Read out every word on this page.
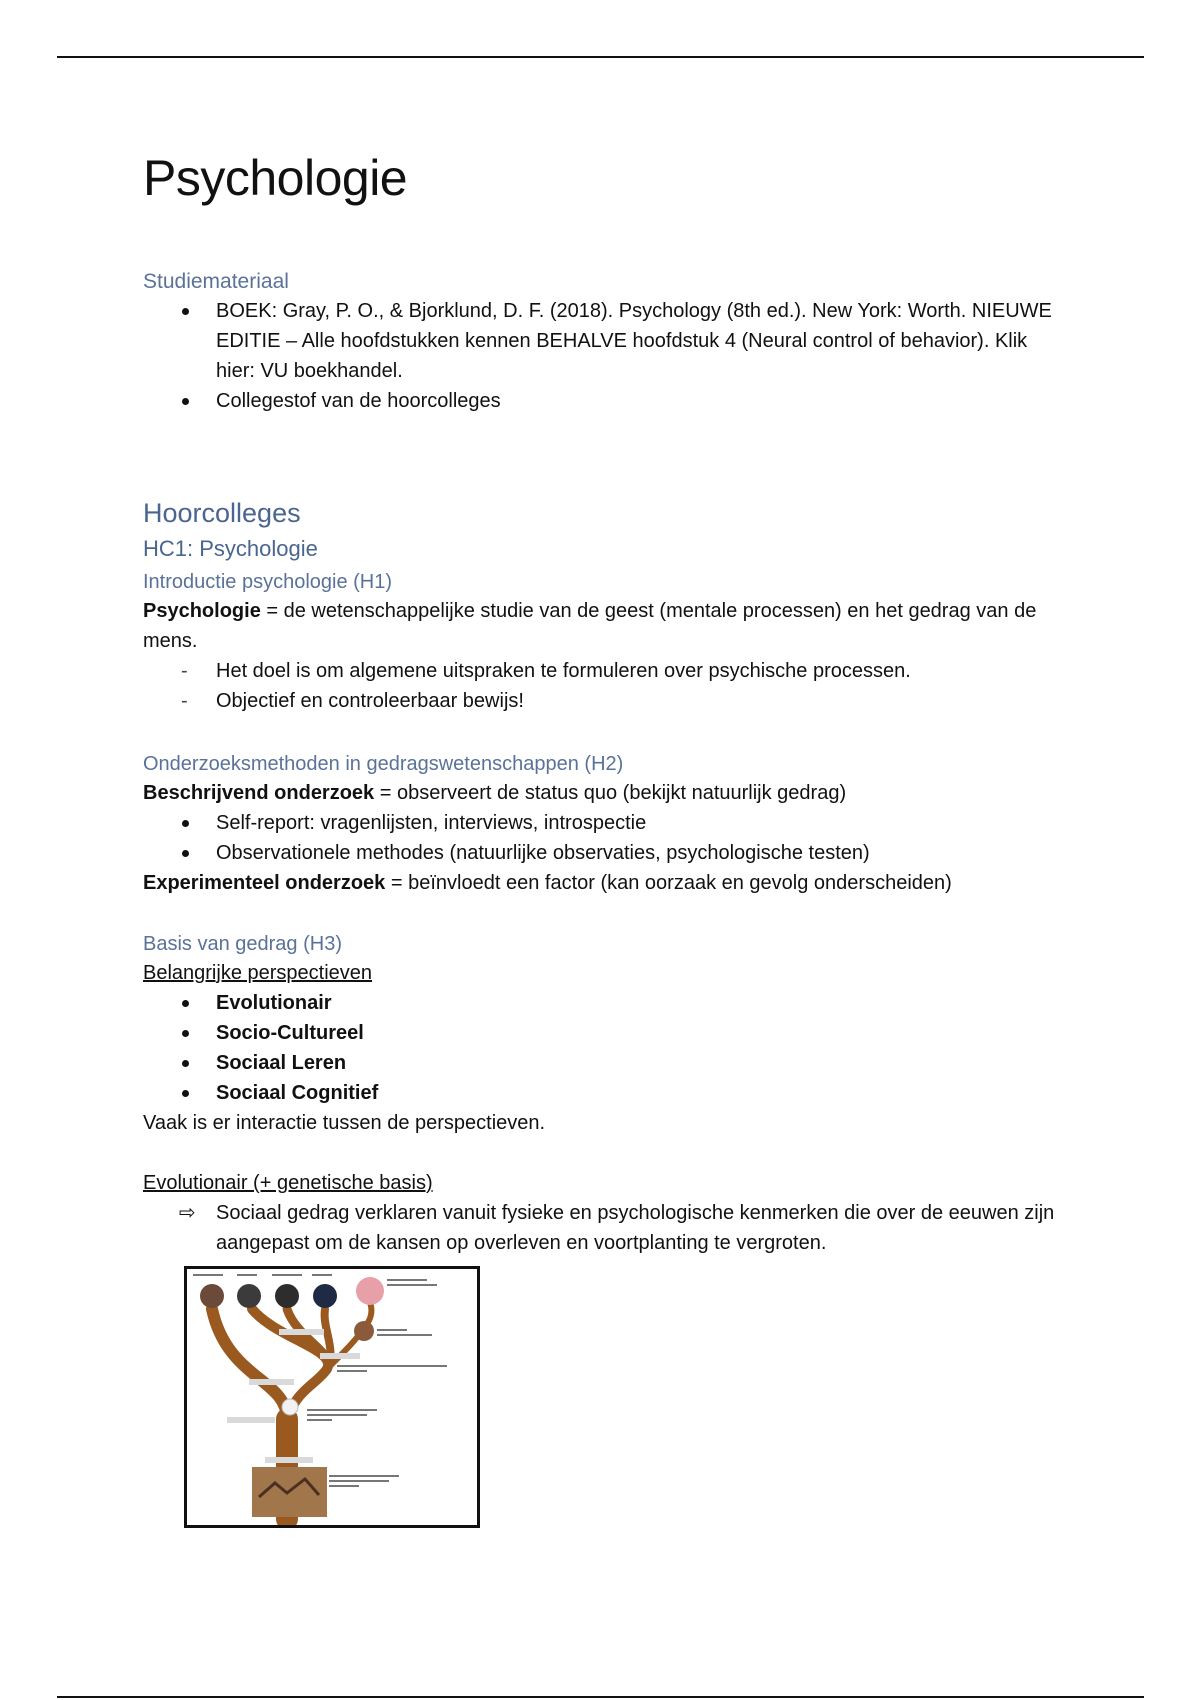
Psychologie

Studiemateriaal

BOEK: Gray, P. O., & Bjorklund, D. F. (2018). Psychology (8th ed.). New York: Worth. NIEUWE EDITIE – Alle hoofdstukken kennen BEHALVE hoofdstuk 4 (Neural control of behavior). Klik hier: VU boekhandel.
Collegestof van de hoorcolleges

Hoorcolleges

HC1: Psychologie

Introductie psychologie (H1)

Psychologie = de wetenschappelijke studie van de geest (mentale processen) en het gedrag van de mens.

- Het doel is om algemene uitspraken te formuleren over psychische processen.
- Objectief en controleerbaar bewijs!

Onderzoeksmethoden in gedragswetenschappen (H2)

Beschrijvend onderzoek = observeert de status quo (bekijkt natuurlijk gedrag)

Self-report: vragenlijsten, interviews, introspectie
Observationele methodes (natuurlijke observaties, psychologische testen)

Experimenteel onderzoek = beïnvloedt een factor (kan oorzaak en gevolg onderscheiden)

Basis van gedrag (H3)

Belangrijke perspectieven

Evolutionair
Socio-Cultureel
Sociaal Leren
Sociaal Cognitief

Vaak is er interactie tussen de perspectieven.

Evolutionair (+ genetische basis)

⇨ Sociaal gedrag verklaren vanuit fysieke en psychologische kenmerken die over de eeuwen zijn aangepast om de kansen op overleven en voortplanting te vergroten.
